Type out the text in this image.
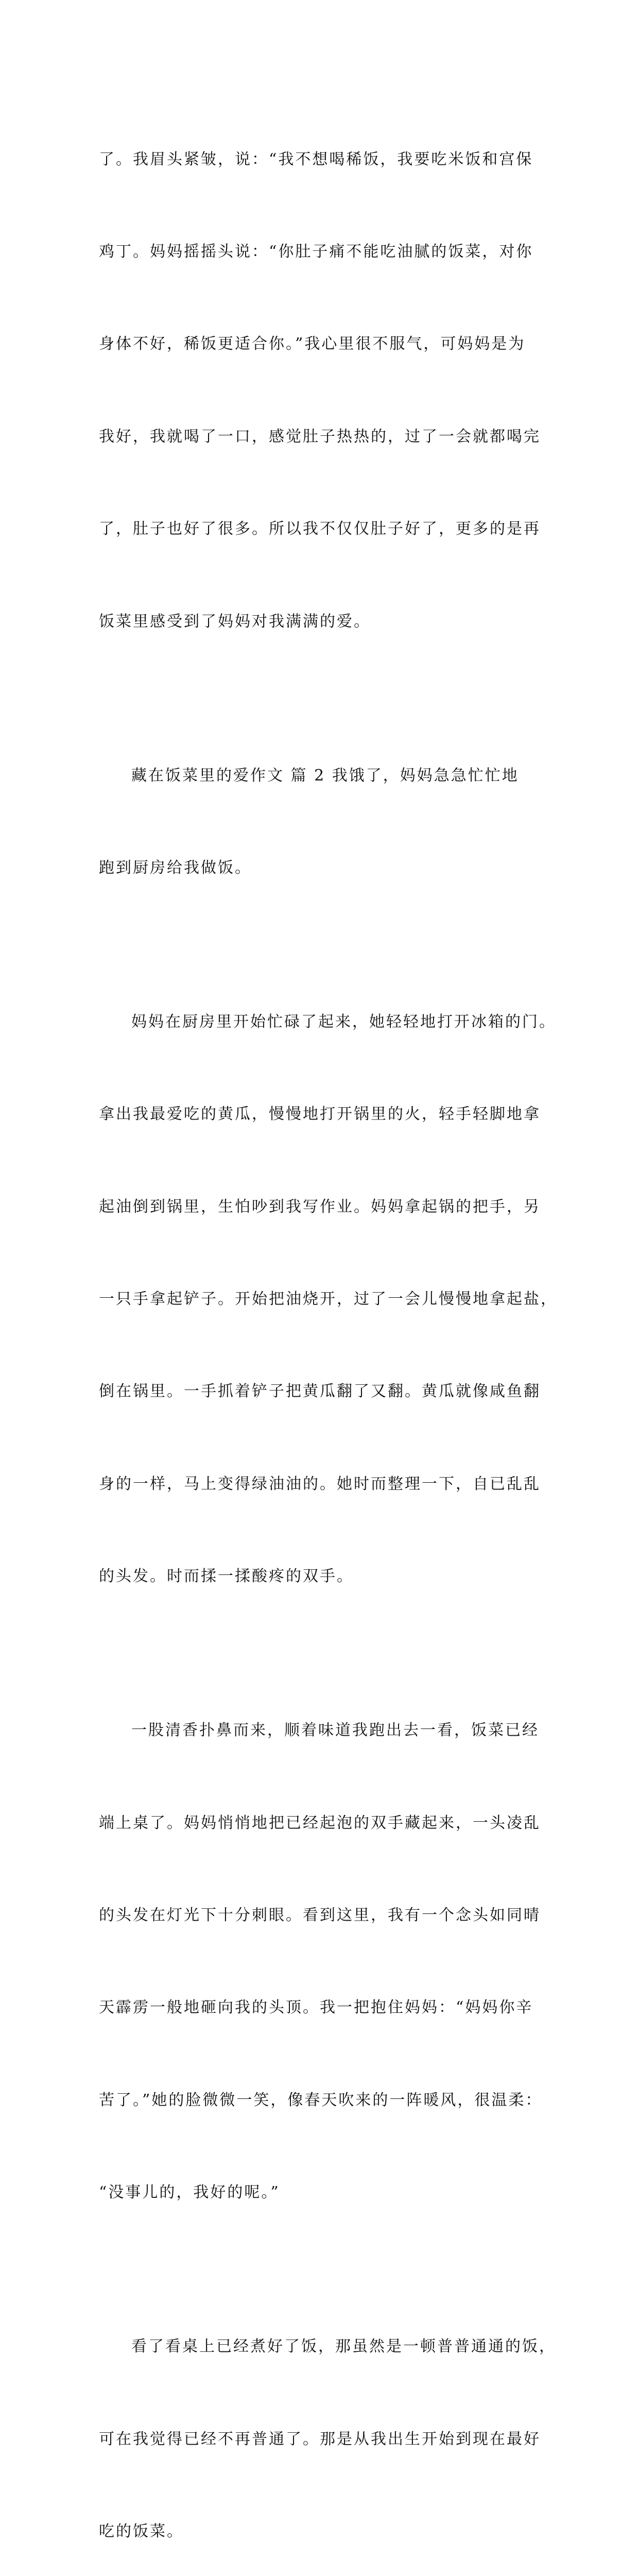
了。我眉头紧皱，说：“我不想喝稀饭，我要吃米饭和宫保

鸡丁。妈妈摇摇头说：“你肚子痛不能吃油腻的饭菜，对你

身体不好，稀饭更适合你。”我心里很不服气，可妈妈是为

我好，我就喝了一口，感觉肚子热热的，过了一会就都喝完

了，肚子也好了很多。所以我不仅仅肚子好了，更多的是再

饭菜里感受到了妈妈对我满满的爱。

藏在饭菜里的爱作文 篇 2 我饿了，妈妈急急忙忙地

跑到厨房给我做饭。

妈妈在厨房里开始忙碌了起来，她轻轻地打开冰箱的门。

拿出我最爱吃的黄瓜，慢慢地打开锅里的火，轻手轻脚地拿

起油倒到锅里，生怕吵到我写作业。妈妈拿起锅的把手，另

一只手拿起铲子。开始把油烧开，过了一会儿慢慢地拿起盐，

倒在锅里。一手抓着铲子把黄瓜翻了又翻。黄瓜就像咸鱼翻

身的一样，马上变得绿油油的。她时而整理一下，自已乱乱

的头发。时而揉一揉酸疼的双手。

一股清香扑鼻而来，顺着味道我跑出去一看，饭菜已经

端上桌了。妈妈悄悄地把已经起泡的双手藏起来，一头凌乱

的头发在灯光下十分刺眼。看到这里，我有一个念头如同晴

天霹雳一般地砸向我的头顶。我一把抱住妈妈：“妈妈你辛

苦了。”她的脸微微一笑，像春天吹来的一阵暖风，很温柔：

“没事儿的，我好的呢。”

看了看桌上已经煮好了饭，那虽然是一顿普普通通的饭，

可在我觉得已经不再普通了。那是从我出生开始到现在最好

吃的饭菜。
